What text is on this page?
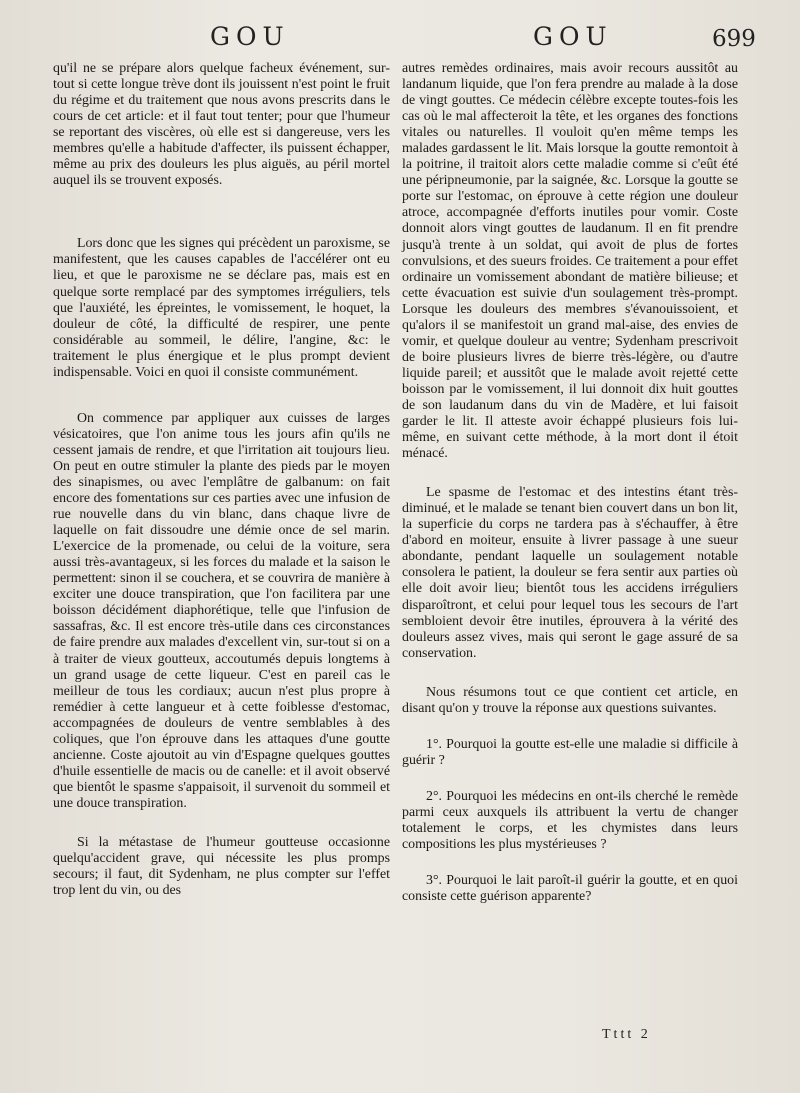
GOU	GOU	699

qu'il ne se prépare alors quelque facheux événement, sur-tout si cette longue trève dont ils jouissent n'est point le fruit du régime et du traitement que nous avons prescrits dans le cours de cet article: et il faut tout tenter; pour que l'humeur se reportant des viscères, où elle est si dangereuse, vers les membres qu'elle a habitude d'affecter, ils puissent échapper, même au prix des douleurs les plus aiguës, au péril mortel auquel ils se trouvent exposés.

Lors donc que les signes qui précèdent un paroxisme, se manifestent, que les causes capables de l'accélérer ont eu lieu, et que le paroxisme ne se déclare pas, mais est en quelque sorte remplacé par des symptomes irréguliers, tels que l'auxiété, les épreintes, le vomissement, le hoquet, la douleur de côté, la difficulté de respirer, une pente considérable au sommeil, le délire, l'angine, &c: le traitement le plus énergique et le plus prompt devient indispensable. Voici en quoi il consiste communément.

On commence par appliquer aux cuisses de larges vésicatoires, que l'on anime tous les jours afin qu'ils ne cessent jamais de rendre, et que l'irritation ait toujours lieu. On peut en outre stimuler la plante des pieds par le moyen des sinapismes, ou avec l'emplâtre de galbanum: on fait encore des fomentations sur ces parties avec une infusion de rue nouvelle dans du vin blanc, dans chaque livre de laquelle on fait dissoudre une démie once de sel marin. L'exercice de la promenade, ou celui de la voiture, sera aussi très-avantageux, si les forces du malade et la saison le permettent: sinon il se couchera, et se couvrira de manière à exciter une douce transpiration, que l'on facilitera par une boisson décidément diaphorétique, telle que l'infusion de sassafras, &c. Il est encore très-utile dans ces circonstances de faire prendre aux malades d'excellent vin, sur-tout si on a à traiter de vieux goutteux, accoutumés depuis longtems à un grand usage de cette liqueur. C'est en pareil cas le meilleur de tous les cordiaux; aucun n'est plus propre à remédier à cette langueur et à cette foiblesse d'estomac, accompagnées de douleurs de ventre semblables à des coliques, que l'on éprouve dans les attaques d'une goutte ancienne. Coste ajoutoit au vin d'Espagne quelques gouttes d'huile essentielle de macis ou de canelle: et il avoit observé que bientôt le spasme s'appaisoit, il survenoit du sommeil et une douce transpiration.

Si la métastase de l'humeur goutteuse occasionne quelqu'accident grave, qui nécessite les plus promps secours; il faut, dit Sydenham, ne plus compter sur l'effet trop lent du vin, ou des

autres remèdes ordinaires, mais avoir recours aussitôt au landanum liquide, que l'on fera prendre au malade à la dose de vingt gouttes. Ce médecin célèbre excepte toutes-fois les cas où le mal affecteroit la tête, et les organes des fonctions vitales ou naturelles. Il vouloit qu'en même temps les malades gardassent le lit. Mais lorsque la goutte remontoit à la poitrine, il traitoit alors cette maladie comme si c'eût été une péripneumonie, par la saignée, &c. Lorsque la goutte se porte sur l'estomac, on éprouve à cette région une douleur atroce, accompagnée d'efforts inutiles pour vomir. Coste donnoit alors vingt gouttes de laudanum. Il en fit prendre jusqu'à trente à un soldat, qui avoit de plus de fortes convulsions, et des sueurs froides. Ce traitement a pour effet ordinaire un vomissement abondant de matière bilieuse; et cette évacuation est suivie d'un soulagement très-prompt. Lorsque les douleurs des membres s'évanouissoient, et qu'alors il se manifestoit un grand mal-aise, des envies de vomir, et quelque douleur au ventre; Sydenham prescrivoit de boire plusieurs livres de bierre très-légère, ou d'autre liquide pareil; et aussitôt que le malade avoit rejetté cette boisson par le vomissement, il lui donnoit dix huit gouttes de son laudanum dans du vin de Madère, et lui faisoit garder le lit. Il atteste avoir échappé plusieurs fois lui-même, en suivant cette méthode, à la mort dont il étoit ménacé.

Le spasme de l'estomac et des intestins étant très-diminué, et le malade se tenant bien couvert dans un bon lit, la superficie du corps ne tardera pas à s'échauffer, à être d'abord en moiteur, ensuite à livrer passage à une sueur abondante, pendant laquelle un soulagement notable consolera le patient, la douleur se fera sentir aux parties où elle doit avoir lieu; bientôt tous les accidens irréguliers disparoîtront, et celui pour lequel tous les secours de l'art sembloient devoir être inutiles, éprouvera à la vérité des douleurs assez vives, mais qui seront le gage assuré de sa conservation.

Nous résumons tout ce que contient cet article, en disant qu'on y trouve la réponse aux questions suivantes.

1°. Pourquoi la goutte est-elle une maladie si difficile à guérir ?

2°. Pourquoi les médecins en ont-ils cherché le remède parmi ceux auxquels ils attribuent la vertu de changer totalement le corps, et les chymistes dans leurs compositions les plus mystérieuses ?

3°. Pourquoi le lait paroît-il guérir la goutte, et en quoi consiste cette guérison apparente?

Tttt 2
